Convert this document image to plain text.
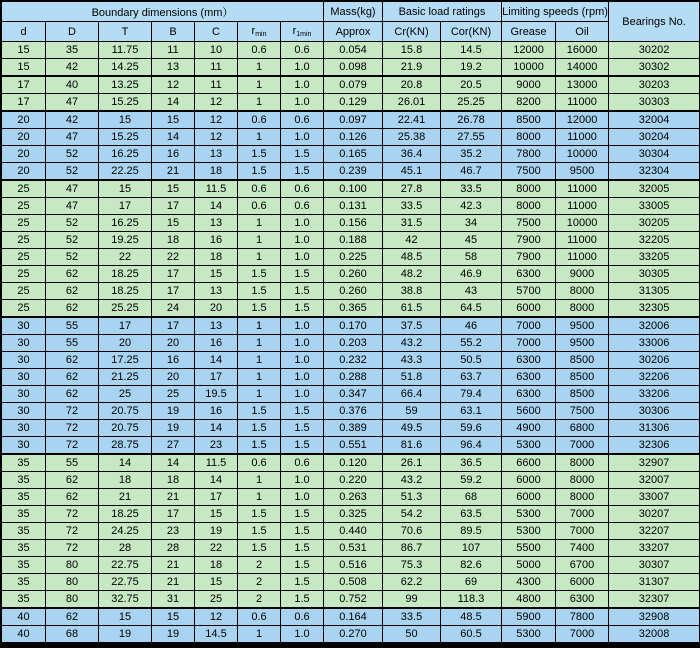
Boundary dimensions (mm）							Mass(kg)	Basic load ratings		Limiting speeds (rpm)		Bearings No.
d	D	T	B	C	$r_{min}$	$r_{1min}$	Approx	Cr(KN)	Cor(KN)	Grease	Oil	
15	35	11.75	11	10	0.6	0.6	0.054	15.8	14.5	12000	16000	30202
15	42	14.25	13	11	1	1.0	0.098	21.9	19.2	10000	14000	30302
17	40	13.25	12	11	1	1.0	0.079	20.8	20.5	9000	13000	30203
17	47	15.25	14	12	1	1.0	0.129	26.01	25.25	8200	11000	30303
20	42	15	15	12	0.6	0.6	0.097	22.41	26.78	8500	12000	32004
20	47	15.25	14	12	1	1.0	0.126	25.38	27.55	8000	11000	30204
20	52	16.25	16	13	1.5	1.5	0.165	36.4	35.2	7800	10000	30304
20	52	22.25	21	18	1.5	1.5	0.239	45.1	46.7	7500	9500	32304
25	47	15	15	11.5	0.6	0.6	0.100	27.8	33.5	8000	11000	32005
25	47	17	17	14	0.6	0.6	0.131	33.5	42.3	8000	11000	33005
25	52	16.25	15	13	1	1.0	0.156	31.5	34	7500	10000	30205
25	52	19.25	18	16	1	1.0	0.188	42	45	7900	11000	32205
25	52	22	22	18	1	1.0	0.225	48.5	58	7900	11000	33205
25	62	18.25	17	15	1.5	1.5	0.260	48.2	46.9	6300	9000	30305
25	62	18.25	17	13	1.5	1.5	0.260	38.8	43	5700	8000	31305
25	62	25.25	24	20	1.5	1.5	0.365	61.5	64.5	6000	8000	32305
30	55	17	17	13	1	1.0	0.170	37.5	46	7000	9500	32006
30	55	20	20	16	1	1.0	0.203	43.2	55.2	7000	9500	33006
30	62	17.25	16	14	1	1.0	0.232	43.3	50.5	6300	8500	30206
30	62	21.25	20	17	1	1.0	0.288	51.8	63.7	6300	8500	32206
30	62	25	25	19.5	1	1.0	0.347	66.4	79.4	6300	8500	33206
30	72	20.75	19	16	1.5	1.5	0.376	59	63.1	5600	7500	30306
30	72	20.75	19	14	1.5	1.5	0.389	49.5	59.6	4900	6800	31306
30	72	28.75	27	23	1.5	1.5	0.551	81.6	96.4	5300	7000	32306
35	55	14	14	11.5	0.6	0.6	0.120	26.1	36.5	6600	8000	32907
35	62	18	18	14	1	1.0	0.220	43.2	59.2	6000	8000	32007
35	62	21	21	17	1	1.0	0.263	51.3	68	6000	8000	33007
35	72	18.25	17	15	1.5	1.5	0.325	54.2	63.5	5300	7000	30207
35	72	24.25	23	19	1.5	1.5	0.440	70.6	89.5	5300	7000	32207
35	72	28	28	22	1.5	1.5	0.531	86.7	107	5500	7400	33207
35	80	22.75	21	18	2	1.5	0.516	75.3	82.6	5000	6700	30307
35	80	22.75	21	15	2	1.5	0.508	62.2	69	4300	6000	31307
35	80	32.75	31	25	2	1.5	0.752	99	118.3	4800	6300	32307
40	62	15	15	12	0.6	0.6	0.164	33.5	48.5	5900	7800	32908
40	68	19	19	14.5	1	1.0	0.270	50	60.5	5300	7000	32008
